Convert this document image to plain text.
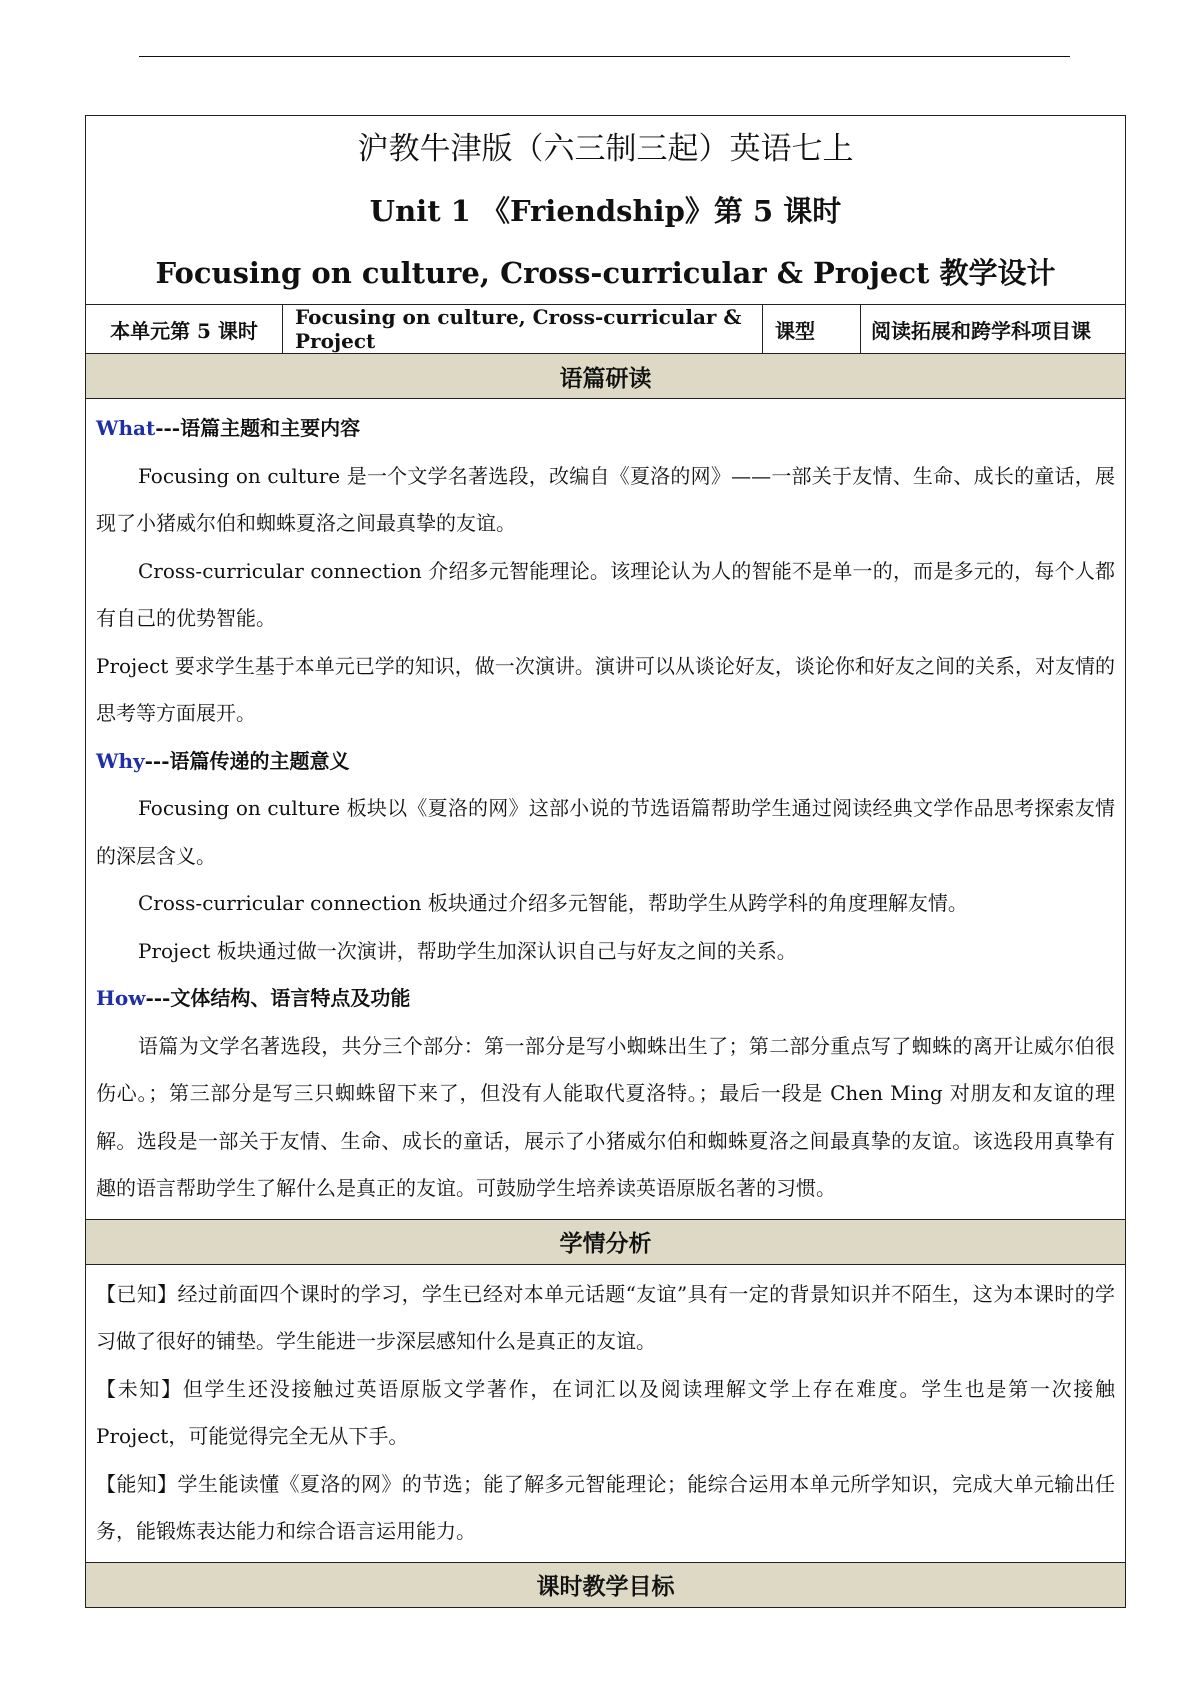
沪教牛津版（六三制三起）英语七上
Unit 1 《Friendship》第 5 课时
Focusing on culture, Cross-curricular & Project 教学设计

本单元第 5 课时	Focusing on culture, Cross-curricular & Project	课型	阅读拓展和跨学科项目课
语篇研读

What---语篇主题和主要内容

Focusing on culture 是一个文学名著选段，改编自《夏洛的网》——一部关于友情、生命、成长的童话，展现了小猪威尔伯和蜘蛛夏洛之间最真挚的友谊。

Cross-curricular connection 介绍多元智能理论。该理论认为人的智能不是单一的，而是多元的，每个人都有自己的优势智能。

Project 要求学生基于本单元已学的知识，做一次演讲。演讲可以从谈论好友，谈论你和好友之间的关系，对友情的思考等方面展开。

Why---语篇传递的主题意义

Focusing on culture 板块以《夏洛的网》这部小说的节选语篇帮助学生通过阅读经典文学作品思考探索友情的深层含义。

Cross-curricular connection 板块通过介绍多元智能，帮助学生从跨学科的角度理解友情。

Project 板块通过做一次演讲，帮助学生加深认识自己与好友之间的关系。

How---文体结构、语言特点及功能

语篇为文学名著选段，共分三个部分：第一部分是写小蜘蛛出生了；第二部分重点写了蜘蛛的离开让威尔伯很伤心。；第三部分是写三只蜘蛛留下来了，但没有人能取代夏洛特。；最后一段是 Chen Ming 对朋友和友谊的理解。选段是一部关于友情、生命、成长的童话，展示了小猪威尔伯和蜘蛛夏洛之间最真挚的友谊。该选段用真挚有趣的语言帮助学生了解什么是真正的友谊。可鼓励学生培养读英语原版名著的习惯。

学情分析

【已知】经过前面四个课时的学习，学生已经对本单元话题“友谊”具有一定的背景知识并不陌生，这为本课时的学习做了很好的铺垫。学生能进一步深层感知什么是真正的友谊。

【未知】但学生还没接触过英语原版文学著作，在词汇以及阅读理解文学上存在难度。学生也是第一次接触Project，可能觉得完全无从下手。

【能知】学生能读懂《夏洛的网》的节选；能了解多元智能理论；能综合运用本单元所学知识，完成大单元输出任务，能锻炼表达能力和综合语言运用能力。

课时教学目标
